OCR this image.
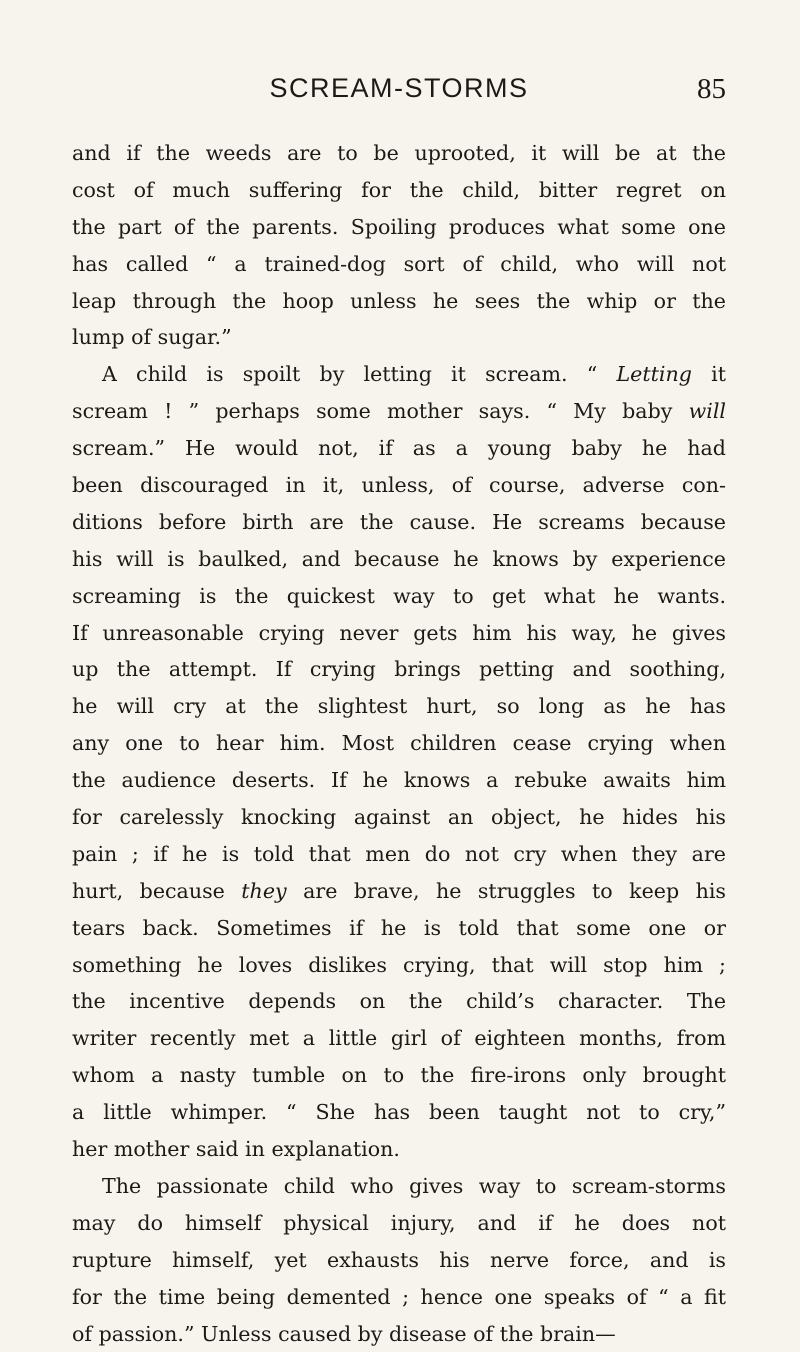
SCREAM-STORMS	85
and if the weeds are to be uprooted, it will be at the
cost of much suffering for the child, bitter regret on
the part of the parents. Spoiling produces what some one
has called “ a trained-dog sort of child, who will not
leap through the hoop unless he sees the whip or the
lump of sugar.”
A child is spoilt by letting it scream. “ Letting it
scream ! ” perhaps some mother says. “ My baby will
scream.” He would not, if as a young baby he had
been discouraged in it, unless, of course, adverse con-
ditions before birth are the cause. He screams because
his will is baulked, and because he knows by experience
screaming is the quickest way to get what he wants.
If unreasonable crying never gets him his way, he gives
up the attempt. If crying brings petting and soothing,
he will cry at the slightest hurt, so long as he has
any one to hear him. Most children cease crying when
the audience deserts. If he knows a rebuke awaits him
for carelessly knocking against an object, he hides his
pain ; if he is told that men do not cry when they are
hurt, because they are brave, he struggles to keep his
tears back. Sometimes if he is told that some one or
something he loves dislikes crying, that will stop him ;
the incentive depends on the child’s character. The
writer recently met a little girl of eighteen months, from
whom a nasty tumble on to the fire-irons only brought
a little whimper. “ She has been taught not to cry,”
her mother said in explanation.
The passionate child who gives way to scream-storms
may do himself physical injury, and if he does not
rupture himself, yet exhausts his nerve force, and is
for the time being demented ; hence one speaks of “ a fit
of passion.” Unless caused by disease of the brain—
